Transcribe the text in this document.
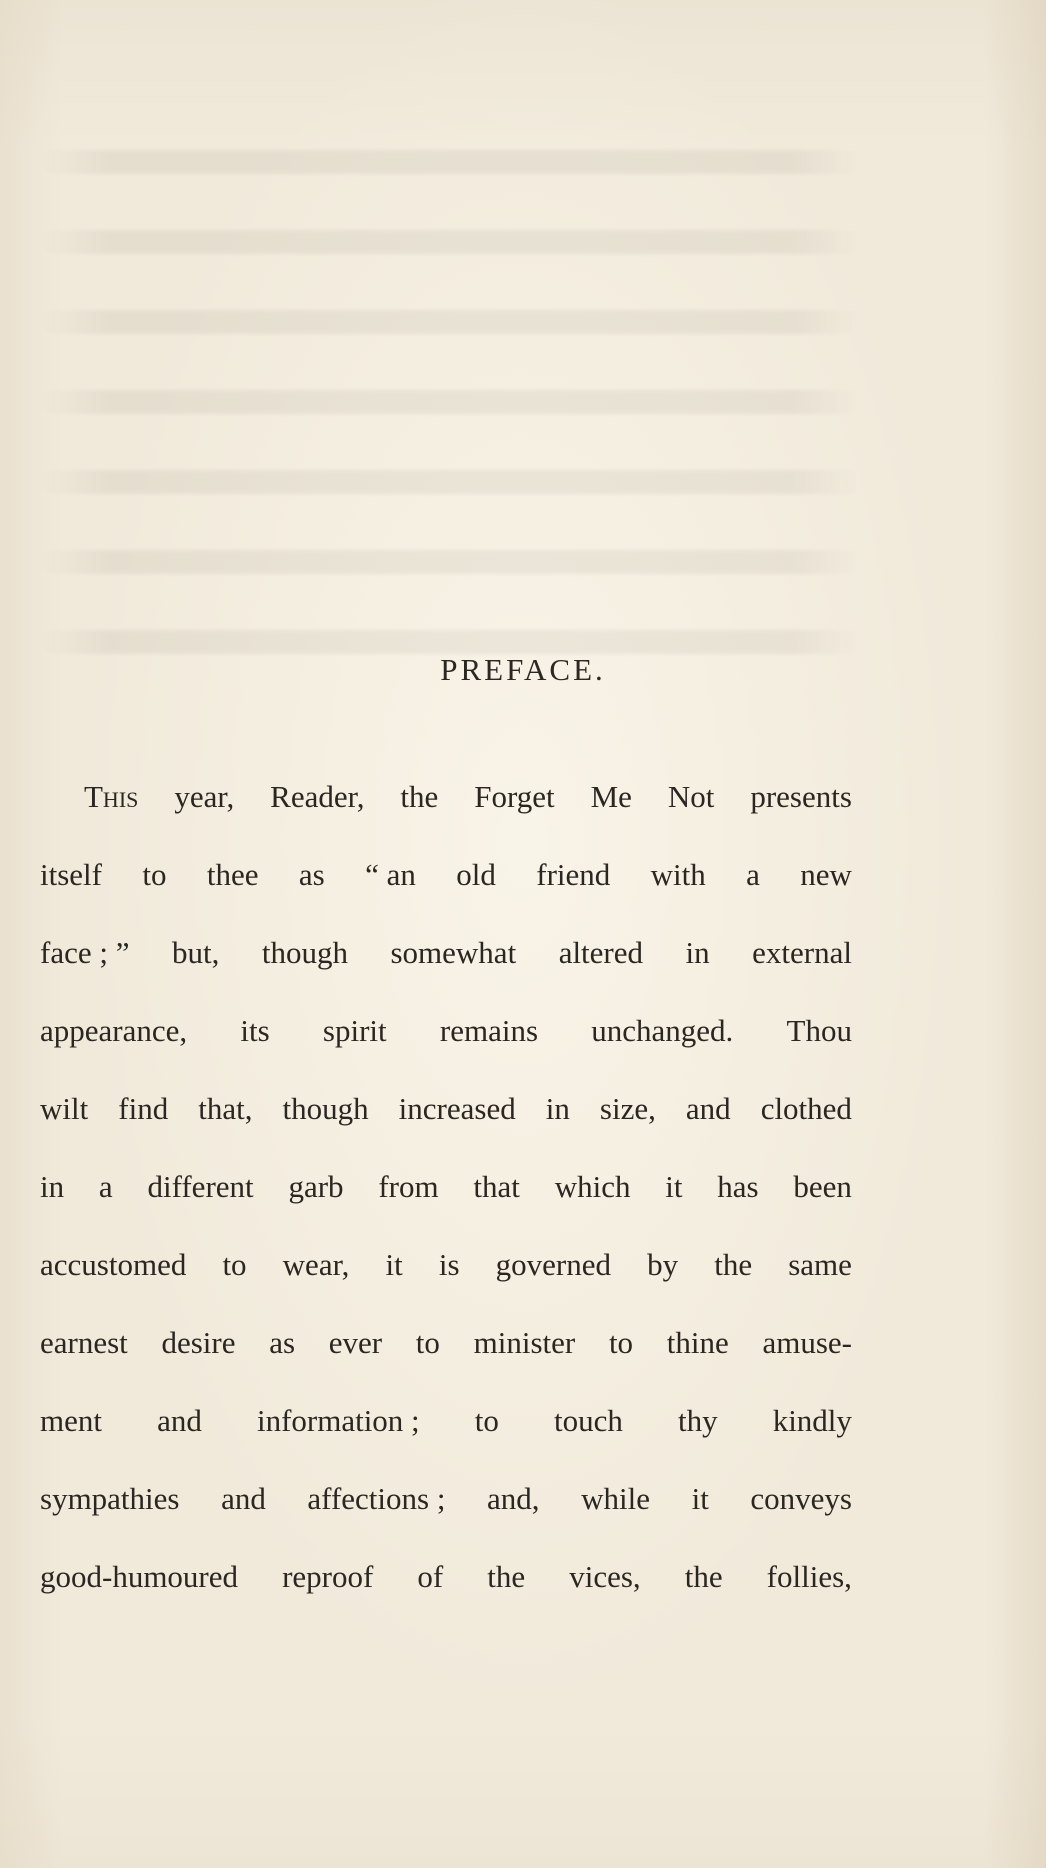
PREFACE.
This year, Reader, the Forget Me Not presents
itself to thee as “ an old friend with a new
face ; ” but, though somewhat altered in external
appearance, its spirit remains unchanged. Thou
wilt find that, though increased in size, and clothed
in a different garb from that which it has been
accustomed to wear, it is governed by the same
earnest desire as ever to minister to thine amuse-
ment and information ; to touch thy kindly
sympathies and affections ; and, while it conveys
good-humoured reproof of the vices, the follies,
